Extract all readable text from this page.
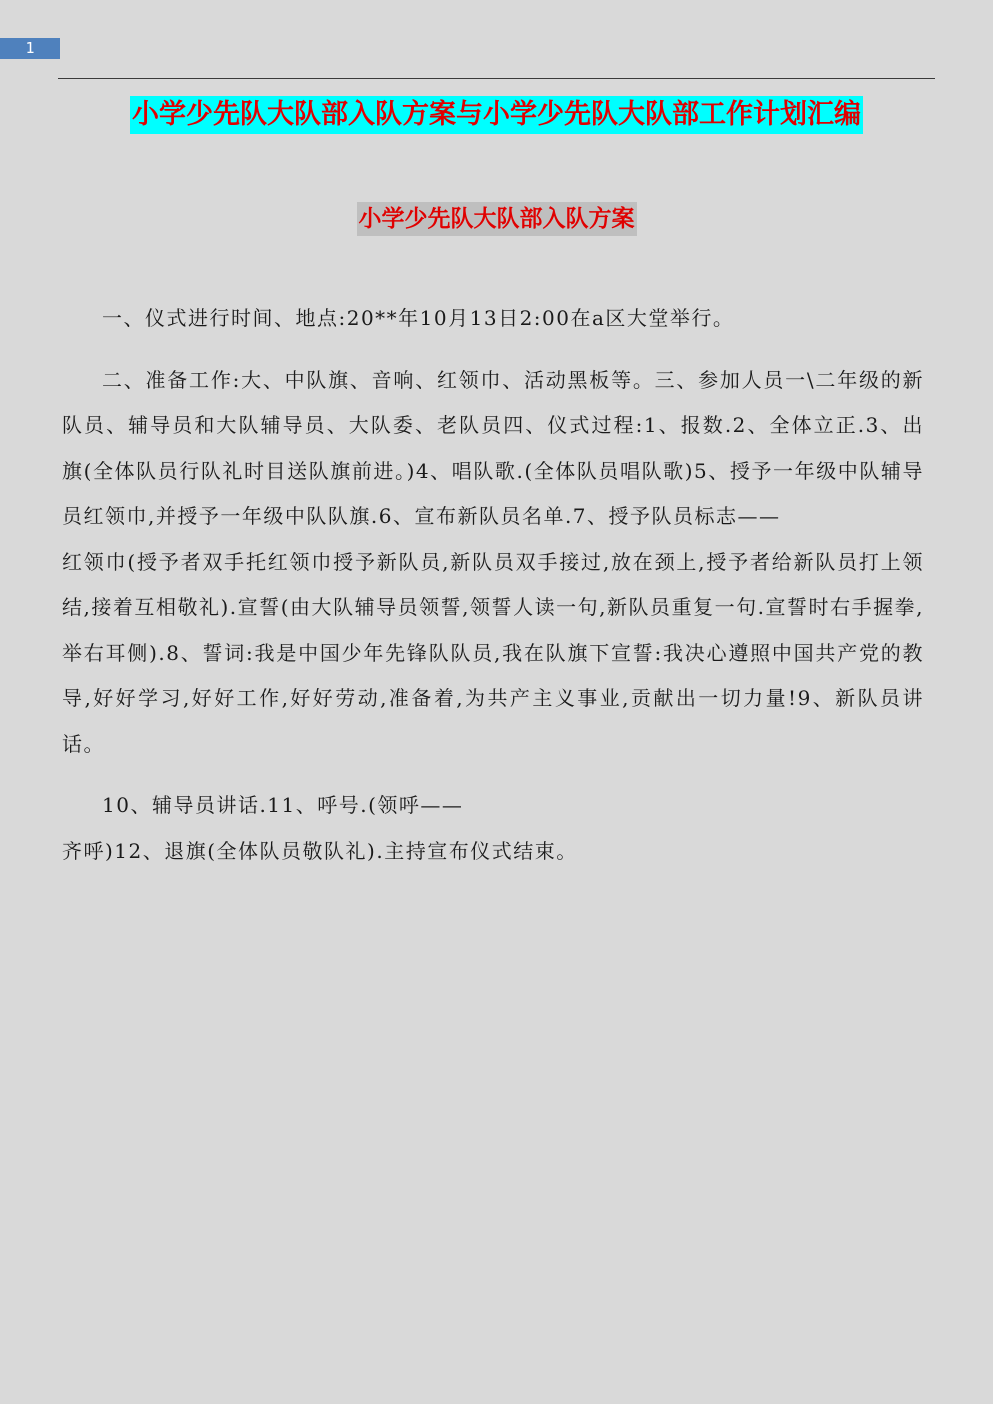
1
小学少先队大队部入队方案与小学少先队大队部工作计划汇编
小学少先队大队部入队方案

一、仪式进行时间、地点:20**年10月13日2:00在a区大堂举行。

二、准备工作:大、中队旗、音响、红领巾、活动黑板等。三、参加人员一\二年级的新队员、辅导员和大队辅导员、大队委、老队员四、仪式过程:1、报数.2、全体立正.3、出旗(全体队员行队礼时目送队旗前进。)4、唱队歌.(全体队员唱队歌)5、授予一年级中队辅导员红领巾,并授予一年级中队队旗.6、宣布新队员名单.7、授予队员标志——
红领巾(授予者双手托红领巾授予新队员,新队员双手接过,放在颈上,授予者给新队员打上领结,接着互相敬礼).宣誓(由大队辅导员领誓,领誓人读一句,新队员重复一句.宣誓时右手握拳,举右耳侧).8、誓词:我是中国少年先锋队队员,我在队旗下宣誓:我决心遵照中国共产党的教导,好好学习,好好工作,好好劳动,准备着,为共产主义事业,贡献出一切力量!9、新队员讲话。

10、辅导员讲话.11、呼号.(领呼——
齐呼)12、退旗(全体队员敬队礼).主持宣布仪式结束。
